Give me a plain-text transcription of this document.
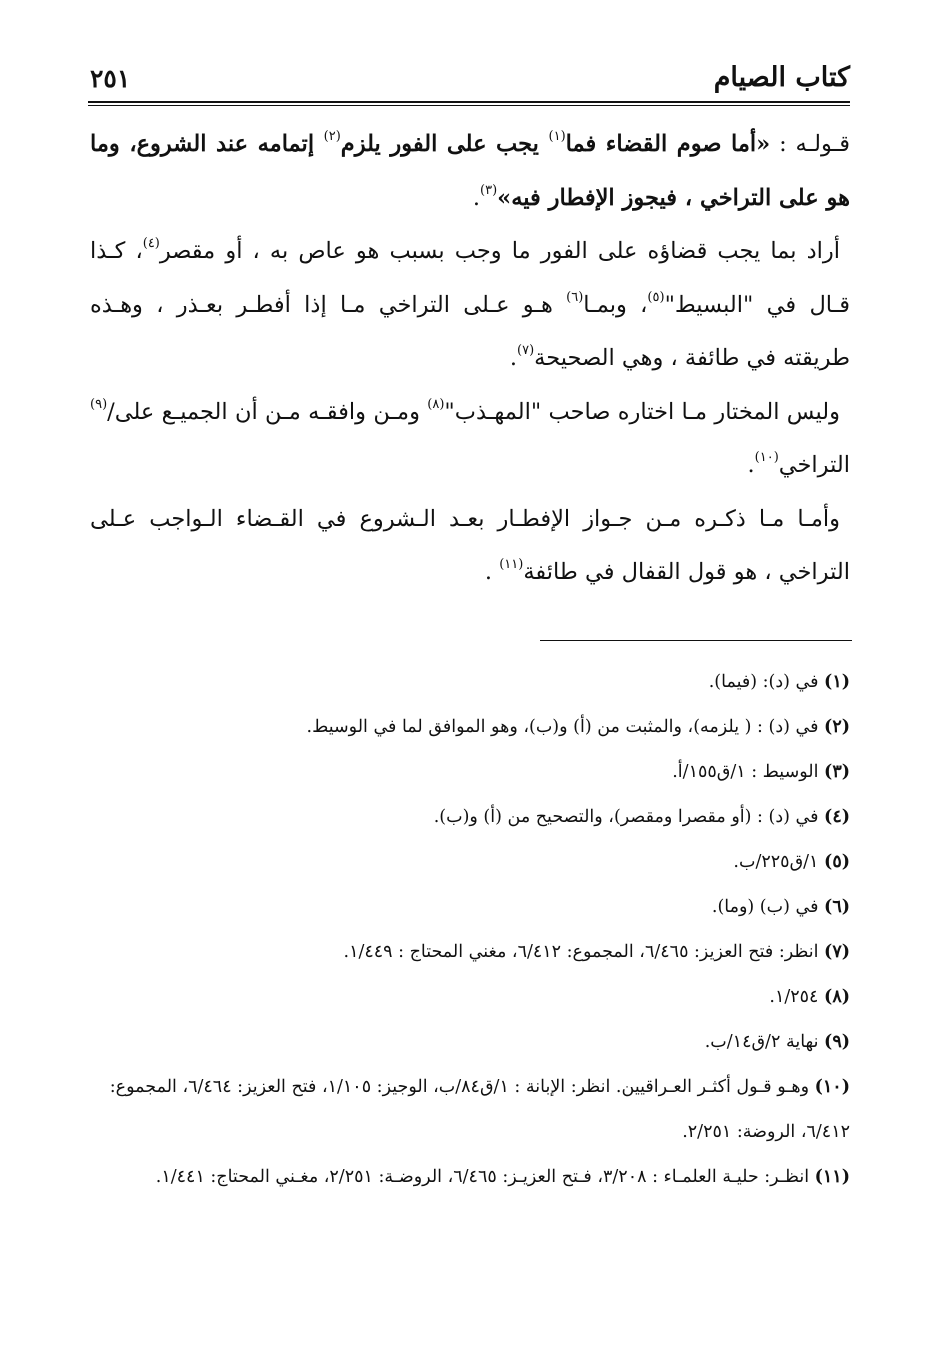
كتاب الصيام
٢٥١

قـولـه : «أما صوم القضاء فما$^{(١)}$ يجب على الفور يلزم$^{(٢)}$ إتمامه عند الشروع، وما هو على التراخي ، فيجوز الإفطار فيه»$^{(٣)}$.

أراد بما يجب قضاؤه على الفور ما وجب بسبب هو عاص به ، أو مقصر$^{(٤)}$، كـذا قـال في "البسيط"$^{(٥)}$، وبمـا$^{(٦)}$ هـو عـلى التراخي مـا إذا أفطـر بعـذر ، وهـذه طريقته في طائفة ، وهي الصحيحة$^{(٧)}$.

وليس المختار مـا اختاره صاحب "المهـذب"$^{(٨)}$ ومـن وافقـه مـن أن الجميـع على/$^{(٩)}$ التراخي$^{(١٠)}$.

وأمـا مـا ذكـره مـن جـواز الإفطـار بعـد الـشروع في القـضاء الـواجب عـلى التراخي ، هو قول القفال في طائفة$^{(١١)}$ .

(١) في (د): (فيما).

(٢) في (د) : ( يلزمه)، والمثبت من (أ) و(ب)، وهو الموافق لما في الوسيط.

(٣) الوسيط : ١/ق١٥٥/أ.

(٤) في (د) : (أو مقصرا ومقصر)، والتصحيح من (أ) و(ب).

(٥) ١/ق٢٢٥/ب.

(٦) في (ب) (وما).

(٧) انظر: فتح العزيز: ٦/٤٦٥، المجموع: ٦/٤١٢، مغني المحتاج : ١/٤٤٩.

(٨) ١/٢٥٤.

(٩) نهاية ٢/ق١٤/ب.

(١٠) وهـو قـول أكثـر العـراقيين. انظر: الإبانة : ١/ق٨٤/ب، الوجيز: ١/١٠٥، فتح العزيز: ٦/٤٦٤، المجموع: ٦/٤١٢، الروضة: ٢/٢٥١.

(١١) انظـر: حليـة العلمـاء : ٣/٢٠٨، فـتح العزيـز: ٦/٤٦٥، الروضـة: ٢/٢٥١، مغـني المحتاج: ١/٤٤١.
